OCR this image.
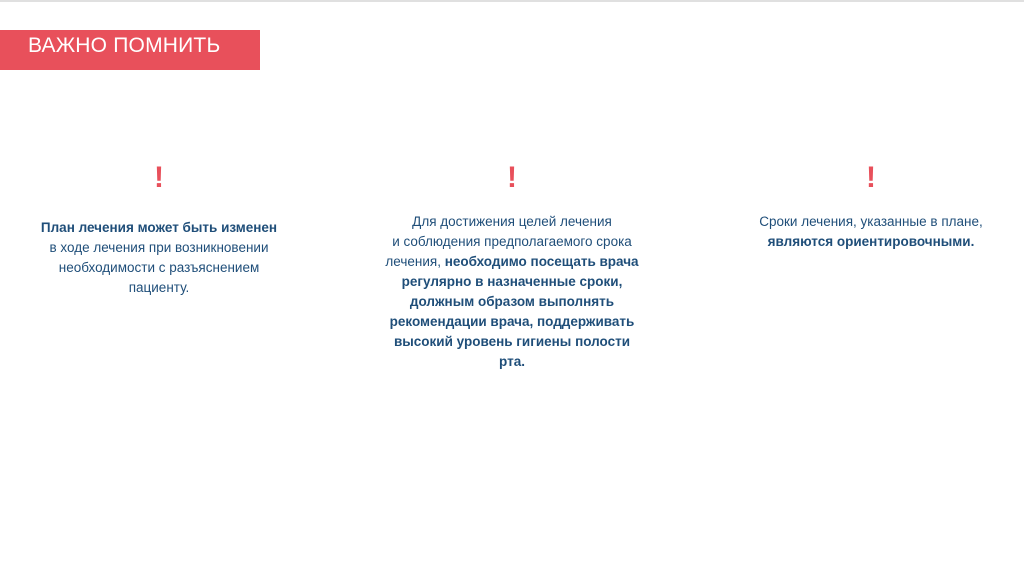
ВАЖНО ПОМНИТЬ
!
План лечения может быть изменен
в ходе лечения при возникновении
необходимости с разъяснением
пациенту.
!
Для достижения целей лечения
и соблюдения предполагаемого срока
лечения, необходимо посещать врача
регулярно в назначенные сроки,
должным образом выполнять
рекомендации врача, поддерживать
высокий уровень гигиены полости
рта.
!
Сроки лечения, указанные в плане,
являются ориентировочными.
